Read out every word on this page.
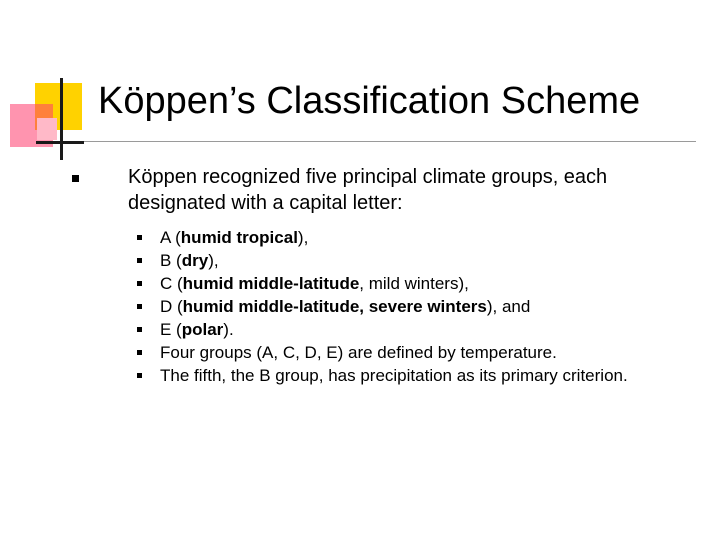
Köppen’s Classification Scheme
Köppen recognized five principal climate groups, each designated with a capital letter:
A (humid tropical),
B (dry),
C (humid middle-latitude, mild winters),
D (humid middle-latitude, severe winters), and
E (polar).
Four groups (A, C, D, E) are defined by temperature.
The fifth, the B group, has precipitation as its primary criterion.
